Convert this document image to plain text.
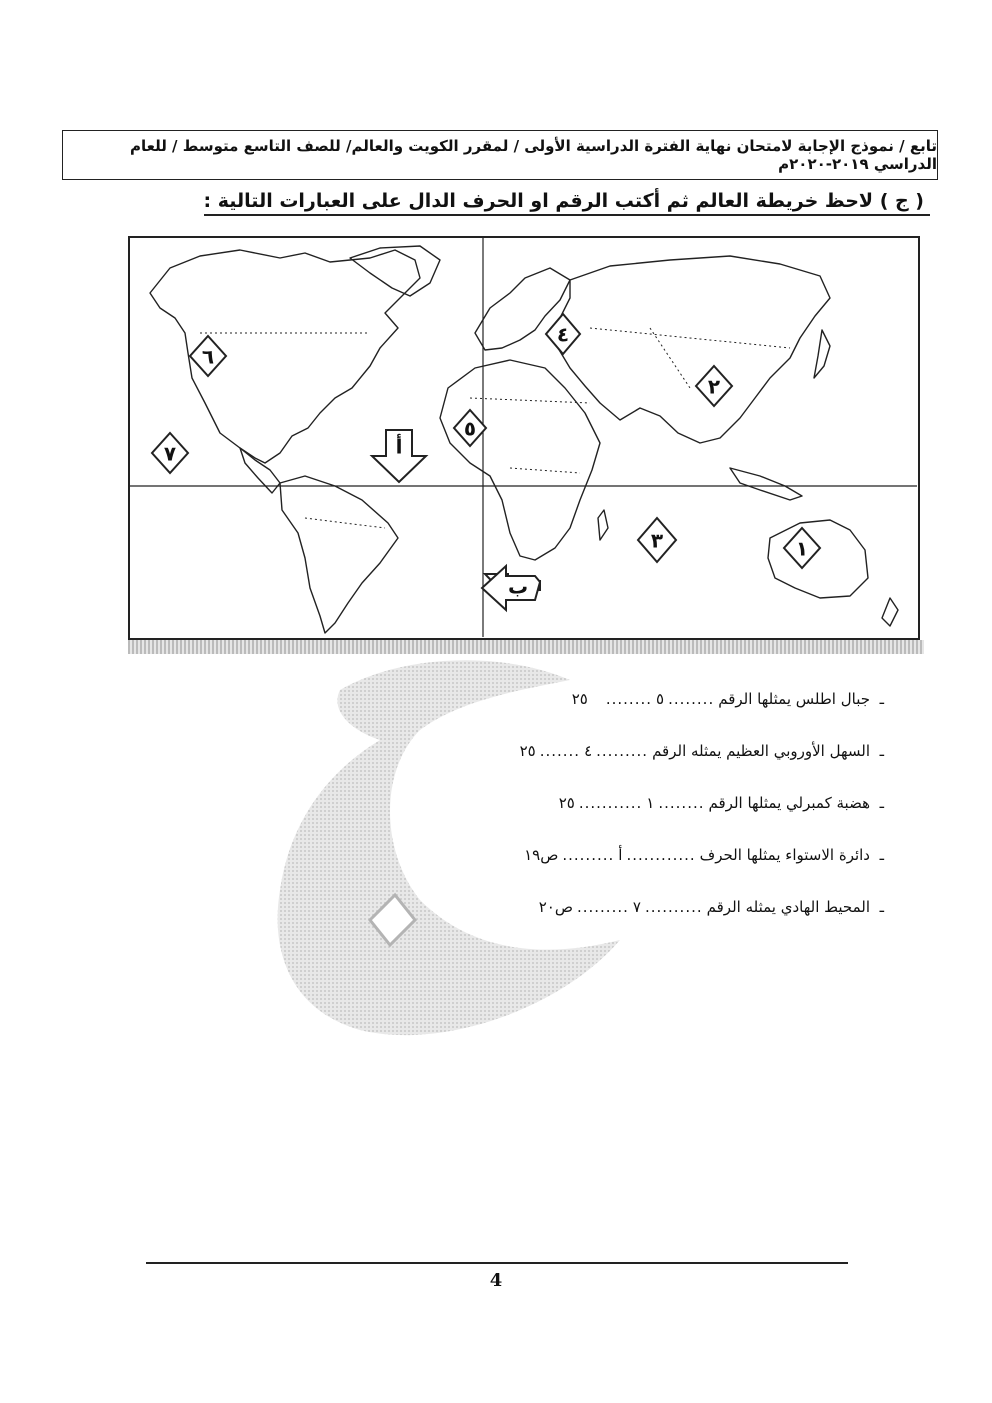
تابع / نموذج الإجابة لامتحان نهاية الفترة الدراسية الأولى / لمقرر الكويت والعالم/ للصف التاسع متوسط / للعام الدراسي ٢٠١٩-٢٠٢٠م
( ج ) لاحظ خريطة العالم ثم أكتب الرقم او الحرف الدال على العبارات التالية :
٦
٧
٤
٥
٢
٣	١
أ
ب
ـ
جبال اطلس يمثلها الرقم
........
٥
........
٢٥
ـ
السهل الأوروبي العظيم يمثله الرقم
.........
٤
.......
٢٥
ـ
هضبة كمبرلي يمثلها الرقم
........
١
...........
٢٥
ـ
دائرة الاستواء يمثلها الحرف
............
أ
.........
ص١٩
ـ
المحيط الهادي يمثله الرقم
..........
٧
.........
ص٢٠
4
